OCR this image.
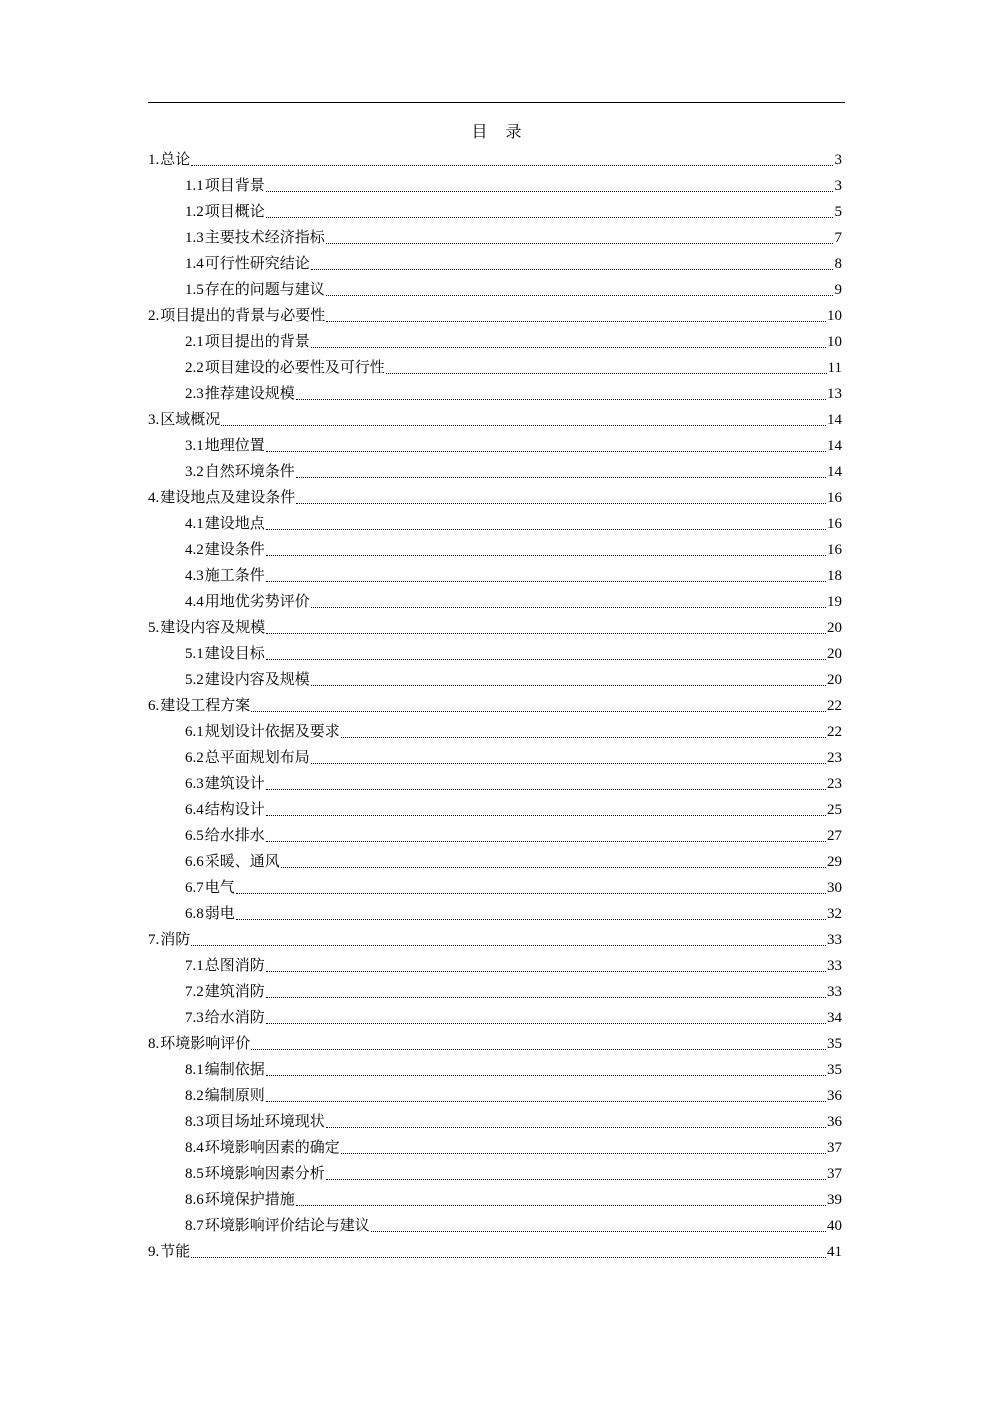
目 录
1. 总论	3
1.1 项目背景	3
1.2 项目概论	5
1.3 主要技术经济指标	7
1.4 可行性研究结论	8
1.5 存在的问题与建议	9
2. 项目提出的背景与必要性	10
2.1 项目提出的背景	10
2.2 项目建设的必要性及可行性	11
2.3 推荐建设规模	13
3. 区域概况	14
3.1 地理位置	14
3.2 自然环境条件	14
4. 建设地点及建设条件	16
4.1 建设地点	16
4.2 建设条件	16
4.3 施工条件	18
4.4 用地优劣势评价	19
5. 建设内容及规模	20
5.1 建设目标	20
5.2 建设内容及规模	20
6. 建设工程方案	22
6.1 规划设计依据及要求	22
6.2 总平面规划布局	23
6.3 建筑设计	23
6.4 结构设计	25
6.5 给水排水	27
6.6 采暖、通风	29
6.7 电气	30
6.8 弱电	32
7. 消防	33
7.1 总图消防	33
7.2 建筑消防	33
7.3 给水消防	34
8. 环境影响评价	35
8.1 编制依据	35
8.2 编制原则	36
8.3 项目场址环境现状	36
8.4 环境影响因素的确定	37
8.5 环境影响因素分析	37
8.6 环境保护措施	39
8.7 环境影响评价结论与建议	40
9. 节能	41
